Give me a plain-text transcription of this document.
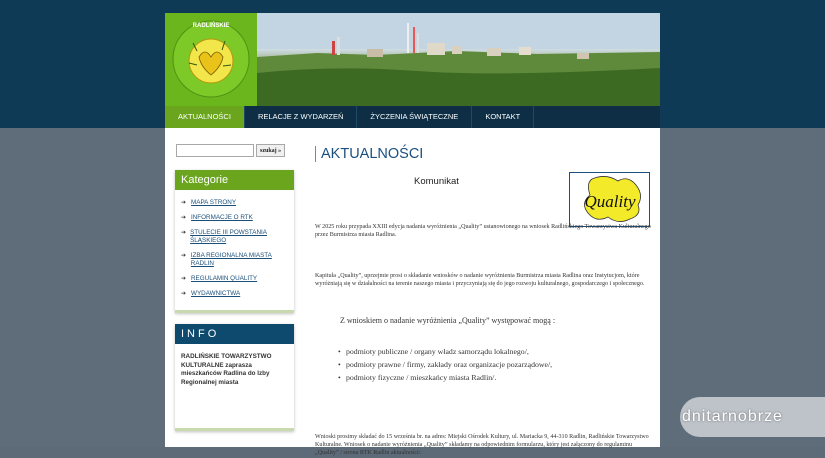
RADLIŃSKIE
AKTUALNOŚCI	RELACJE Z WYDARZEŃ	ŻYCZENIA ŚWIĄTECZNE	KONTAKT
szukaj »
Kategorie
➔ MAPA STRONY
➔ INFORMACJE O RTK
➔ STULECIE III POWSTANIA ŚLĄSKIEGO
➔ IZBA REGIONALNA MIASTA RADLIN
➔ REGULAMIN QUALITY
➔ WYDAWNICTWA
INFO
RADLIŃSKIE TOWARZYSTWO KULTURALNE zaprasza mieszkańców Radlina do Izby Regionalnej miasta
AKTUALNOŚCI
Komunikat
Quality
W 2025 roku przypada XXIII edycja nadania wyróżnienia „Quality” ustanowionego na wniosek Radlińskiego Towarzystwa Kulturalnego przez Burmistrza miasta Radlina.
Kapituła „Quality”, uprzejmie prosi o składanie wniosków o nadanie wyróżnienia Burmistrza miasta Radlina oraz Instytucjom, które wyróżniają się w działalności na terenie naszego miasta i przyczyniają się do jego rozwoju kulturalnego, gospodarczego i społecznego.
Z wnioskiem o nadanie wyróżnienia „Quality” występować mogą :
• podmioty publiczne / organy władz samorządu lokalnego/,
• podmioty prawne / firmy, zakłady oraz organizacje pozarządowe/,
• podmioty fizyczne / mieszkańcy miasta Radlin/.
Wnioski prosimy składać do 15 września br. na adres: Miejski Ośrodek Kultury, ul. Mariacka 9, 44-310 Radlin, Radlińskie Towarzystwo Kulturalne. Wniosek o nadanie wyróżnienia „Quality” składamy na odpowiednim formularzu, który jest załączony do regulaminu „Quality” / strona RTK Radlin aktualności/.
dnitarnobrze
